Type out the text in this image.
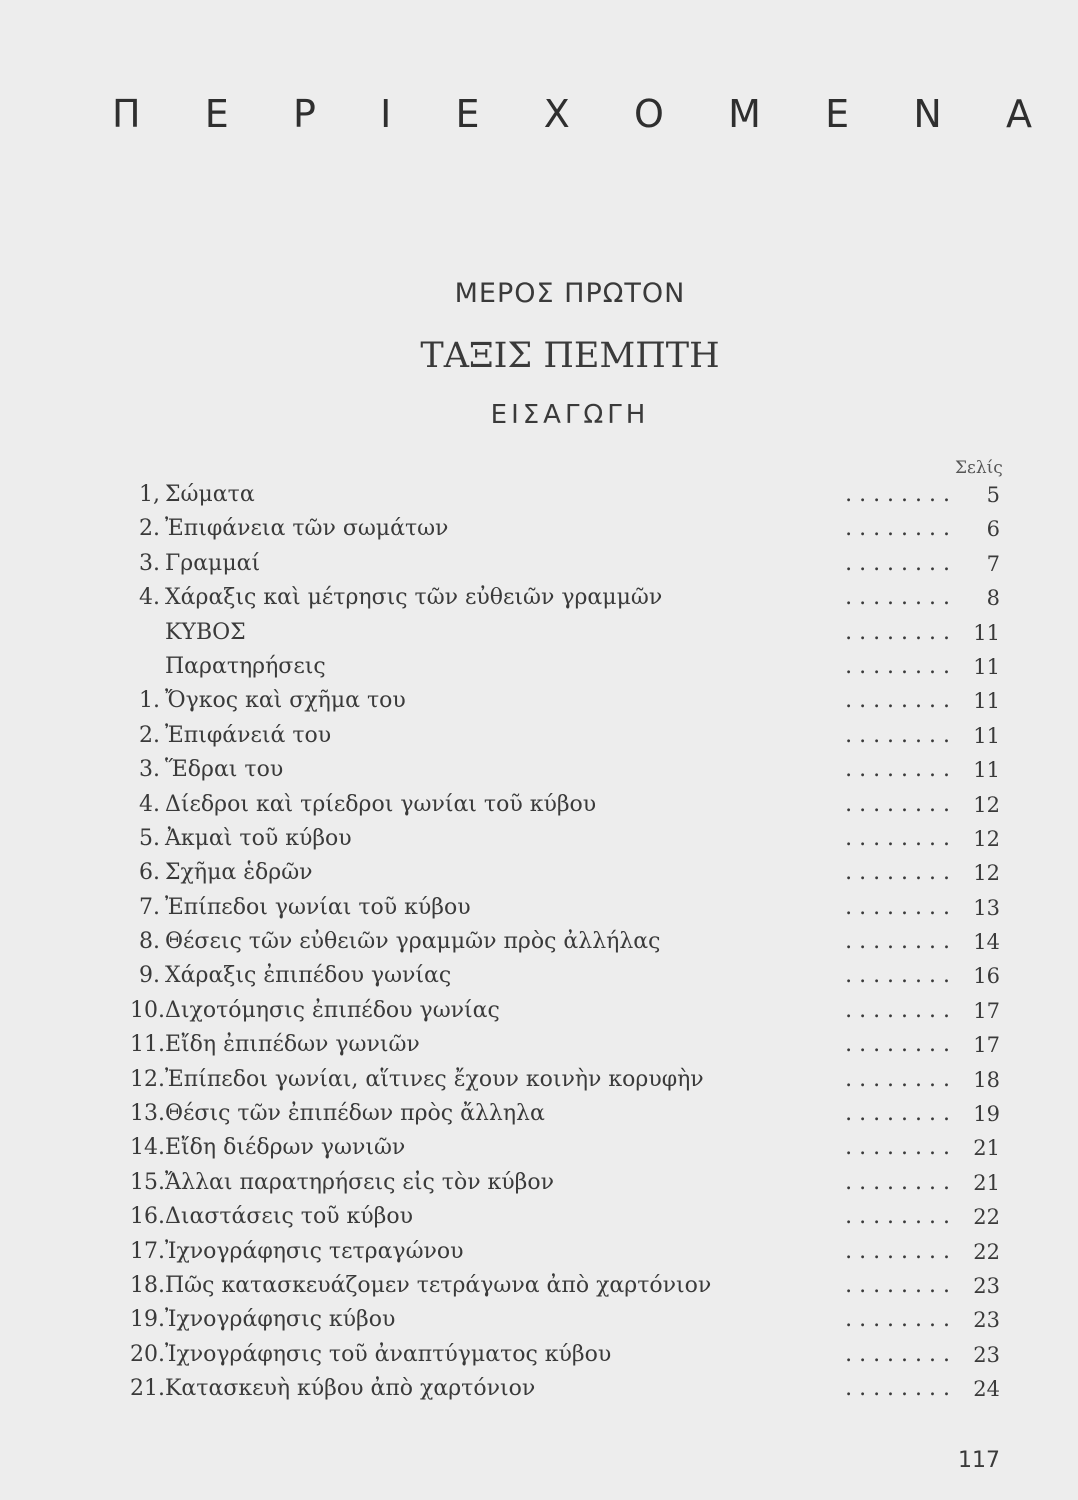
Π Ε Ρ Ι Ε Χ Ο Μ Ε Ν Α
ΜΕΡΟΣ ΠΡΩΤΟΝ
ΤΑΞΙΣ ΠΕΜΠΤΗ
ΕΙΣΑΓΩΓΗ
Σελίς
1, Σώματα	. . . . . . . .	5
2. Ἐπιφάνεια τῶν σωμάτων	. . . . . . . .	6
3. Γραμμαί	. . . . . . . .	7
4. Χάραξις καὶ μέτρησις τῶν εὐθειῶν γραμμῶν	. . . . . . . .	8
ΚΥΒΟΣ	. . . . . . . .	11
Παρατηρήσεις	. . . . . . . .	11
1. Ὄγκος καὶ σχῆμα του	. . . . . . . .	11
2. Ἐπιφάνειά του	. . . . . . . .	11
3. Ἕδραι του	. . . . . . . .	11
4. Δίεδροι καὶ τρίεδροι γωνίαι τοῦ κύβου	. . . . . . . .	12
5. Ἀκμαὶ τοῦ κύβου	. . . . . . . .	12
6. Σχῆμα ἑδρῶν	. . . . . . . .	12
7. Ἐπίπεδοι γωνίαι τοῦ κύβου	. . . . . . . .	13
8. Θέσεις τῶν εὐθειῶν γραμμῶν πρὸς ἀλλήλας	. . . . . . . .	14
9. Χάραξις ἐπιπέδου γωνίας	. . . . . . . .	16
10. Διχοτόμησις ἐπιπέδου γωνίας	. . . . . . . .	17
11. Εἴδη ἐπιπέδων γωνιῶν	. . . . . . . .	17
12. Ἐπίπεδοι γωνίαι, αἵτινες ἔχουν κοινὴν κορυφὴν	. . . . . . . .	18
13. Θέσις τῶν ἐπιπέδων πρὸς ἄλληλα	. . . . . . . .	19
14. Εἴδη διέδρων γωνιῶν	. . . . . . . .	21
15. Ἄλλαι παρατηρήσεις εἰς τὸν κύβον	. . . . . . . .	21
16. Διαστάσεις τοῦ κύβου	. . . . . . . .	22
17. Ἰχνογράφησις τετραγώνου	. . . . . . . .	22
18. Πῶς κατασκευάζομεν τετράγωνα ἀπὸ χαρτόνιον	. . . . . . . .	23
19. Ἰχνογράφησις κύβου	. . . . . . . .	23
20. Ἰχνογράφησις τοῦ ἀναπτύγματος κύβου	. . . . . . . .	23
21. Κατασκευὴ κύβου ἀπὸ χαρτόνιον	. . . . . . . .	24
117
